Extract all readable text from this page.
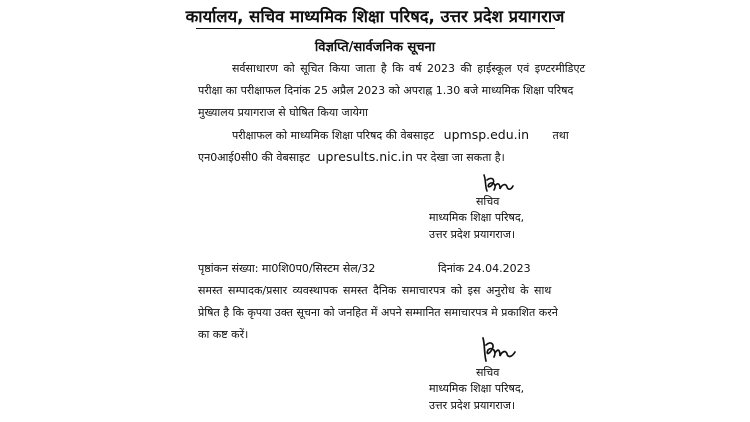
कार्यालय, सचिव माध्यमिक शिक्षा परिषद, उत्तर प्रदेश प्रयागराज
विज्ञप्ति/सार्वजनिक सूचना
सर्वसाधारण को सूचित किया जाता है कि वर्ष 2023 की हाईस्कूल एवं इण्टरमीडिएट
परीक्षा का परीक्षाफल दिनांक 25 अप्रैल 2023 को अपराह्न 1.30 बजे माध्यमिक शिक्षा परिषद
मुख्यालय प्रयागराज से घोषित किया जायेगा
परीक्षाफल को माध्यमिक शिक्षा परिषद की वेबसाइट upmsp.edu.in तथा
एन0आई0सी0 की वेबसाइट upresults.nic.in पर देखा जा सकता है।
सचिव
माध्यमिक शिक्षा परिषद,
उत्तर प्रदेश प्रयागराज।
पृष्ठांकन संख्या: मा0शि0प0/सिस्टम सेल/32	दिनांक 24.04.2023
समस्त सम्पादक/प्रसार व्यवस्थापक समस्त दैनिक समाचारपत्र को इस अनुरोध के साथ
प्रेषित है कि कृपया उक्त सूचना को जनहित में अपने सम्मानित समाचारपत्र मे प्रकाशित करने
का कष्ट करें।
सचिव
माध्यमिक शिक्षा परिषद,
उत्तर प्रदेश प्रयागराज।
